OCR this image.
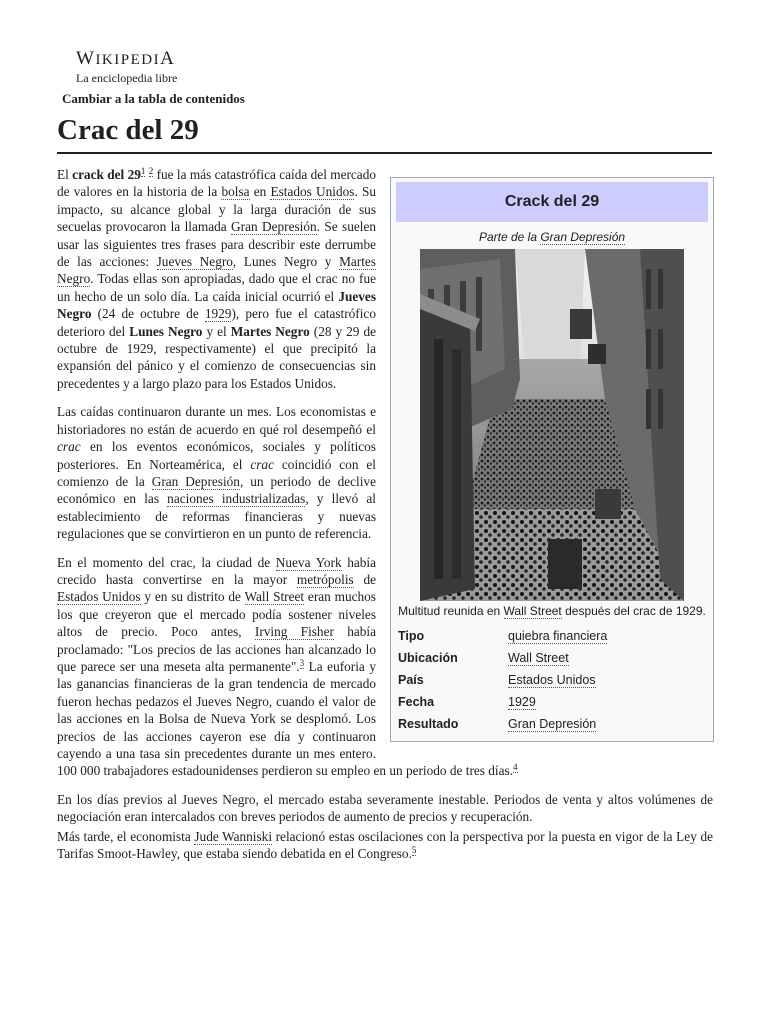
WIKIPEDIA
La enciclopedia libre
Cambiar a la tabla de contenidos
Crac del 29
Crack del 29
Parte de la Gran Depresión
Multitud reunida en Wall Street después del crac de 1929.
Tipo	quiebra financiera
Ubicación	Wall Street
País	Estados Unidos
Fecha	1929
Resultado	Gran Depresión

El crack del $29^1$ $^2$ fue la más catastrófica caída del mercado de valores en la historia de la bolsa en Estados Unidos. Su impacto, su alcance global y la larga duración de sus secuelas provocaron la llamada Gran Depresión. Se suelen usar las siguientes tres frases para describir este derrumbe de las acciones: Jueves Negro, Lunes Negro y Martes Negro. Todas ellas son apropiadas, dado que el crac no fue un hecho de un solo día. La caída inicial ocurrió el Jueves Negro (24 de octubre de 1929), pero fue el catastrófico deterioro del Lunes Negro y el Martes Negro (28 y 29 de octubre de 1929, respectivamente) el que precipitó la expansión del pánico y el comienzo de consecuencias sin precedentes y a largo plazo para los Estados Unidos.

Las caídas continuaron durante un mes. Los economistas e historiadores no están de acuerdo en qué rol desempeñó el crac en los eventos económicos, sociales y políticos posteriores. En Norteamérica, el crac coincidió con el comienzo de la Gran Depresión, un periodo de declive económico en las naciones industrializadas, y llevó al establecimiento de reformas financieras y nuevas regulaciones que se convirtieron en un punto de referencia.

En el momento del crac, la ciudad de Nueva York había crecido hasta convertirse en la mayor metrópolis de Estados Unidos y en su distrito de Wall Street eran muchos los que creyeron que el mercado podía sostener niveles altos de precio. Poco antes, Irving Fisher había proclamado: "Los precios de las acciones han alcanzado lo que parece ser una meseta alta permanente".$^3$ La euforia y las ganancias financieras de la gran tendencia de mercado fueron hechas pedazos el Jueves Negro, cuando el valor de las acciones en la Bolsa de Nueva York se desplomó. Los precios de las acciones cayeron ese día y continuaron cayendo a una tasa sin precedentes durante un mes entero. 100 000 trabajadores estadounidenses perdieron su empleo en un periodo de tres días.$^4$

En los días previos al Jueves Negro, el mercado estaba severamente inestable. Periodos de venta y altos volúmenes de negociación eran intercalados con breves periodos de aumento de precios y recuperación.

Más tarde, el economista Jude Wanniski relacionó estas oscilaciones con la perspectiva por la puesta en vigor de la Ley de Tarifas Smoot-Hawley, que estaba siendo debatida en el Congreso.$^5$
